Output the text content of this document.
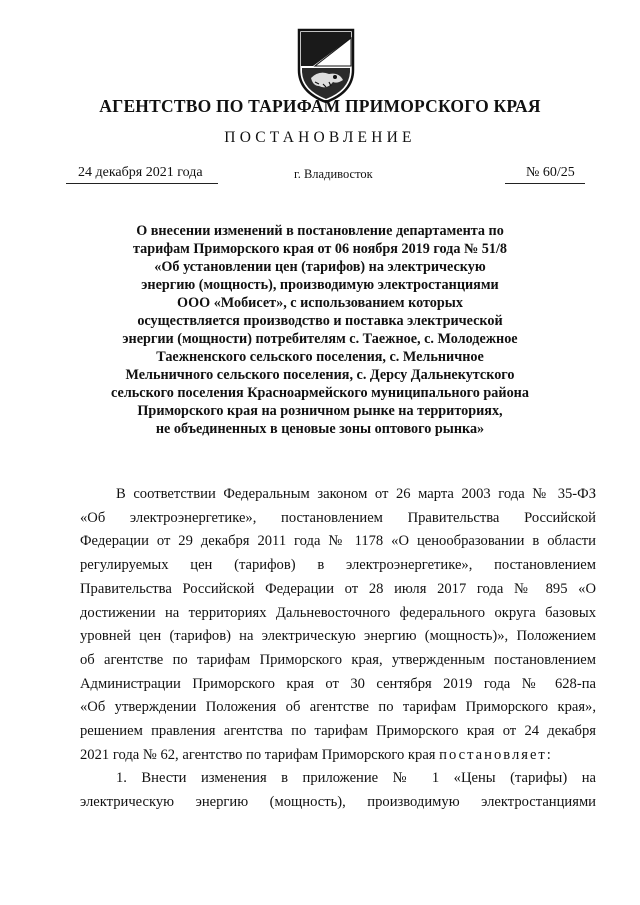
АГЕНТСТВО ПО ТАРИФАМ ПРИМОРСКОГО КРАЯ
ПОСТАНОВЛЕНИЕ
24 декабря 2021 года	г. Владивосток	№ 60/25
О внесении изменений в постановление департамента по
тарифам Приморского края от 06 ноября 2019 года № 51/8
«Об установлении цен (тарифов) на электрическую
энергию (мощность), производимую электростанциями
ООО «Мобисет», с использованием которых
осуществляется производство и поставка электрической
энергии (мощности) потребителям с. Таежное, с. Молодежное
Таежненского сельского поселения, с. Мельничное
Мельничного сельского поселения, с. Дерсу Дальнекутского
сельского поселения Красноармейского муниципального района
Приморского края на розничном рынке на территориях,
не объединенных в ценовые зоны оптового рынка»
В соответствии Федеральным законом от 26 марта 2003 года № 35-ФЗ
«Об электроэнергетике», постановлением Правительства Российской
Федерации от 29 декабря 2011 года № 1178 «О ценообразовании в области
регулируемых цен (тарифов) в электроэнергетике», постановлением
Правительства Российской Федерации от 28 июля 2017 года № 895 «О
достижении на территориях Дальневосточного федерального округа базовых
уровней цен (тарифов) на электрическую энергию (мощность)», Положением
об агентстве по тарифам Приморского края, утвержденным постановлением
Администрации Приморского края от 30 сентября 2019 года № 628-па
«Об утверждении Положения об агентстве по тарифам Приморского края»,
решением правления агентства по тарифам Приморского края от 24 декабря
2021 года № 62, агентство по тарифам Приморского края постановляет:
1. Внести изменения в приложение № 1 «Цены (тарифы) на
электрическую энергию (мощность), производимую электростанциями
